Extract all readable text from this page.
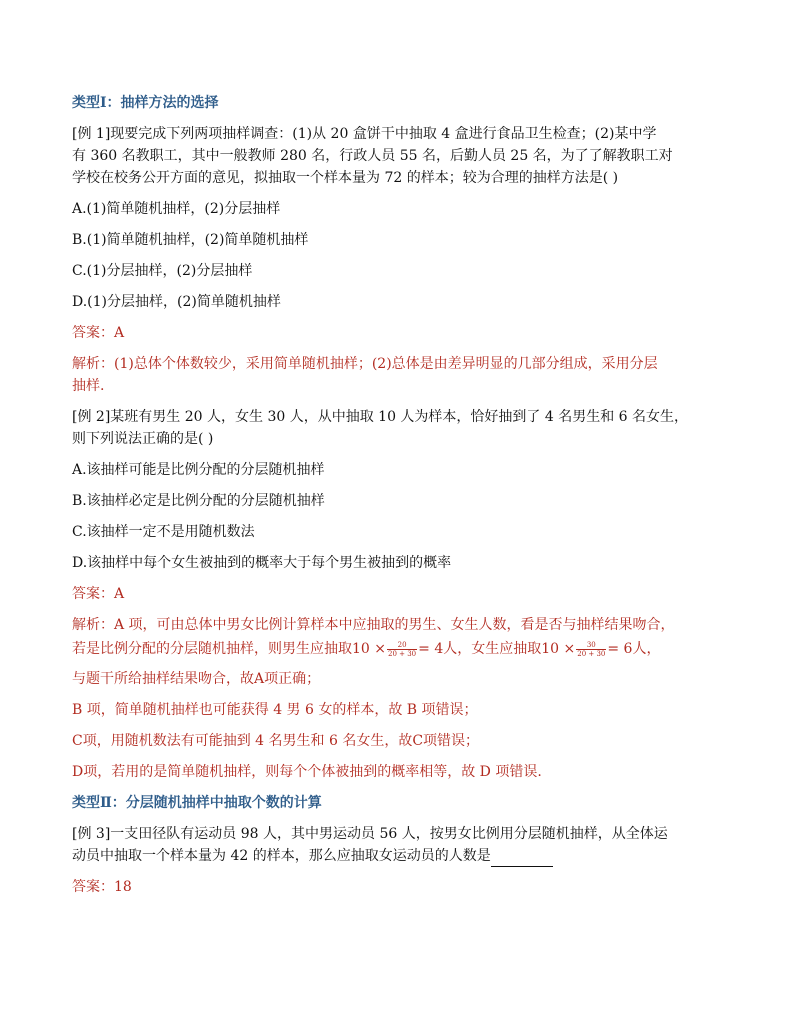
类型Ⅰ：抽样方法的选择
[例 1]现要完成下列两项抽样调查：(1)从 20 盒饼干中抽取 4 盒进行食品卫生检查；(2)某中学
有 360 名教职工，其中一般教师 280 名，行政人员 55 名，后勤人员 25 名，为了了解教职工对
学校在校务公开方面的意见，拟抽取一个样本量为 72 的样本；较为合理的抽样方法是( )
A.(1)简单随机抽样，(2)分层抽样
B.(1)简单随机抽样，(2)简单随机抽样
C.(1)分层抽样，(2)分层抽样
D.(1)分层抽样，(2)简单随机抽样
答案：A
解析：(1)总体个体数较少，采用简单随机抽样；(2)总体是由差异明显的几部分组成，采用分层
抽样.
[例 2]某班有男生 20 人，女生 30 人，从中抽取 10 人为样本，恰好抽到了 4 名男生和 6 名女生，
则下列说法正确的是( )
A.该抽样可能是比例分配的分层随机抽样
B.该抽样必定是比例分配的分层随机抽样
C.该抽样一定不是用随机数法
D.该抽样中每个女生被抽到的概率大于每个男生被抽到的概率
答案：A
解析：A 项，可由总体中男女比例计算样本中应抽取的男生、女生人数，看是否与抽样结果吻合，
若是比例分配的分层随机抽样，则男生应抽取$10 \times \frac{20}{20 + 30} = 4$人，女生应抽取$10 \times \frac{30}{20 + 30} = 6$人，
与题干所给抽样结果吻合，故A项正确；
B 项，简单随机抽样也可能获得 4 男 6 女的样本，故 B 项错误；
C项，用随机数法有可能抽到 4 名男生和 6 名女生，故C项错误；
D项，若用的是简单随机抽样，则每个个体被抽到的概率相等，故 D 项错误.
类型Ⅱ：分层随机抽样中抽取个数的计算
[例 3]一支田径队有运动员 98 人，其中男运动员 56 人，按男女比例用分层随机抽样，从全体运
动员中抽取一个样本量为 42 的样本，那么应抽取女运动员的人数是
答案：18
